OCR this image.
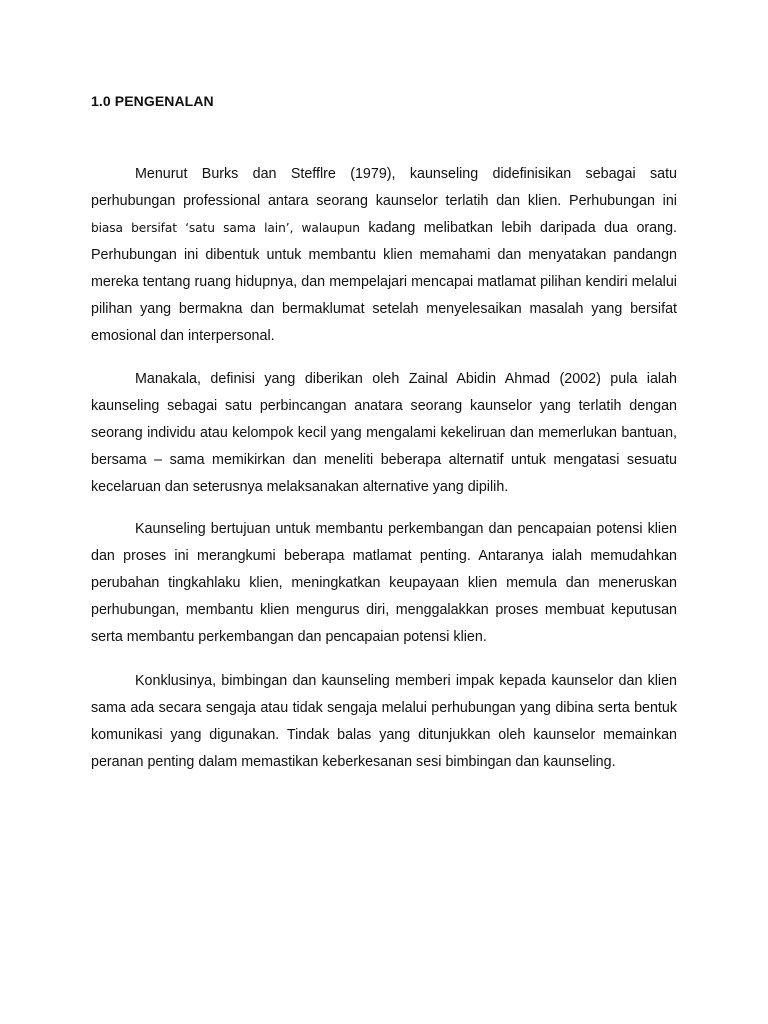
1.0 PENGENALAN

Menurut Burks dan Stefflre (1979), kaunseling didefinisikan sebagai satu perhubungan professional antara seorang kaunselor terlatih dan klien. Perhubungan ini biasa bersifat ‘satu sama lain’, walaupun kadang melibatkan lebih daripada dua orang. Perhubungan ini dibentuk untuk membantu klien memahami dan menyatakan pandangn mereka tentang ruang hidupnya, dan mempelajari mencapai matlamat pilihan kendiri melalui pilihan yang bermakna dan bermaklumat setelah menyelesaikan masalah yang bersifat emosional dan interpersonal.

Manakala, definisi yang diberikan oleh Zainal Abidin Ahmad (2002) pula ialah kaunseling sebagai satu perbincangan anatara seorang kaunselor yang terlatih dengan seorang individu atau kelompok kecil yang mengalami kekeliruan dan memerlukan bantuan, bersama – sama memikirkan dan meneliti beberapa alternatif untuk mengatasi sesuatu kecelaruan dan seterusnya melaksanakan alternative yang dipilih.

Kaunseling bertujuan untuk membantu perkembangan dan pencapaian potensi klien dan proses ini merangkumi beberapa matlamat penting. Antaranya ialah memudahkan perubahan tingkahlaku klien, meningkatkan keupayaan klien memula dan meneruskan perhubungan, membantu klien mengurus diri, menggalakkan proses membuat keputusan serta membantu perkembangan dan pencapaian potensi klien.

Konklusinya, bimbingan dan kaunseling memberi impak kepada kaunselor dan klien sama ada secara sengaja atau tidak sengaja melalui perhubungan yang dibina serta bentuk komunikasi yang digunakan. Tindak balas yang ditunjukkan oleh kaunselor memainkan peranan penting dalam memastikan keberkesanan sesi bimbingan dan kaunseling.
